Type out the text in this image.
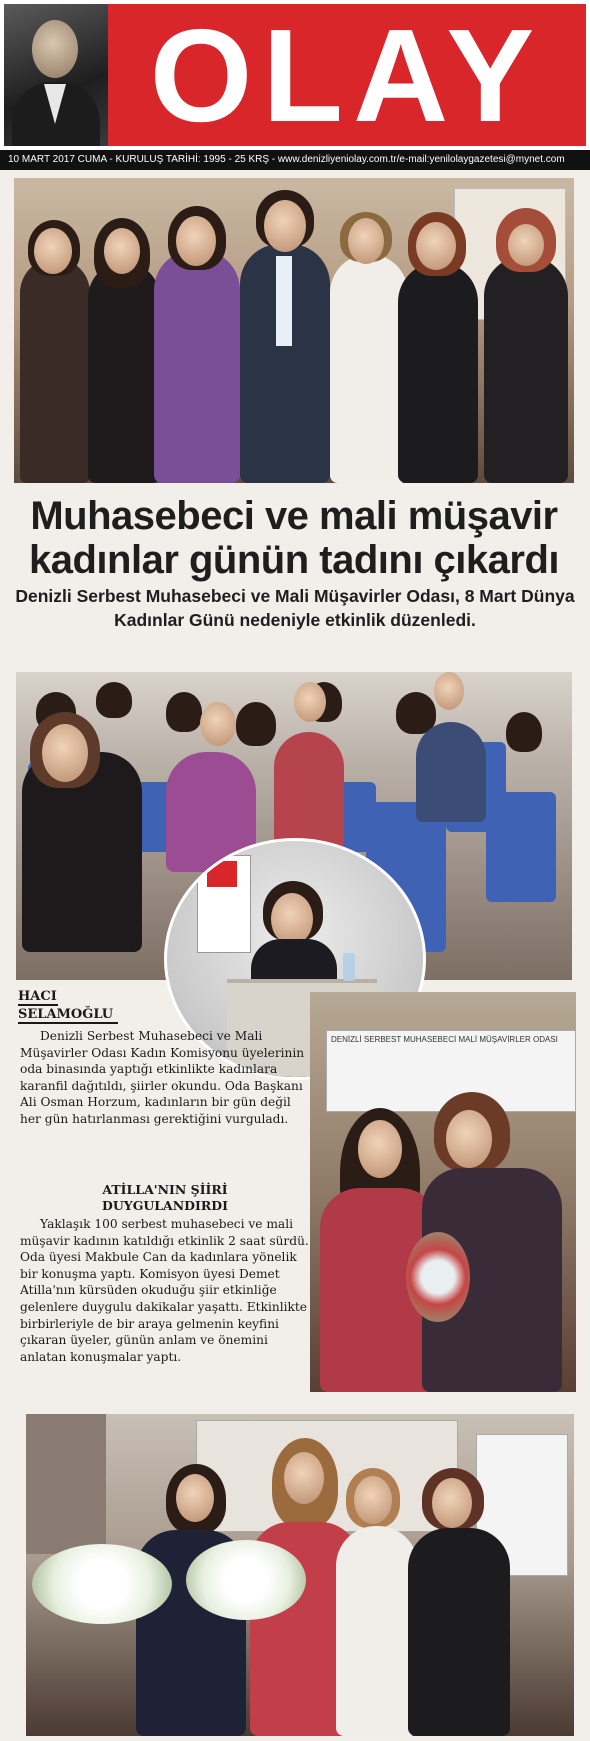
OLAY
10 MART 2017 CUMA - KURULUŞ TARİHİ: 1995 - 25 KRŞ - www.denizliyeniolay.com.tr/e-mail:yenilolaygazetesi@mynet.com
Muhasebeci ve mali müşavir
kadınlar günün tadını çıkardı
Denizli Serbest Muhasebeci ve Mali Müşavirler Odası, 8 Mart Dünya Kadınlar Günü nedeniyle etkinlik düzenledi.
HACI
SELAMOĞLU
Denizli Serbest Muhasebeci ve Mali Müşavirler Odası Kadın Komisyonu üyelerinin oda binasında yaptığı etkinlikte kadınlara karanfil dağıtıldı, şiirler okundu. Oda Başkanı Ali Osman Horzum, kadınların bir gün değil her gün hatırlanması gerektiğini vurguladı.
ATİLLA'NIN ŞİİRİ
DUYGULANDIRDI
Yaklaşık 100 serbest muhasebeci ve mali müşavir kadının katıldığı etkinlik 2 saat sürdü. Oda üyesi Makbule Can da kadınlara yönelik bir konuşma yaptı. Komisyon üyesi Demet Atilla'nın kürsüden okuduğu şiir etkinliğe gelenlere duygulu dakikalar yaşattı. Etkinlikte birbirleriyle de bir araya gelmenin keyfini çıkaran üyeler, günün anlam ve önemini anlatan konuşmalar yaptı.
DENİZLİ SERBEST MUHASEBECİ MALİ MÜŞAVİRLER ODASI
